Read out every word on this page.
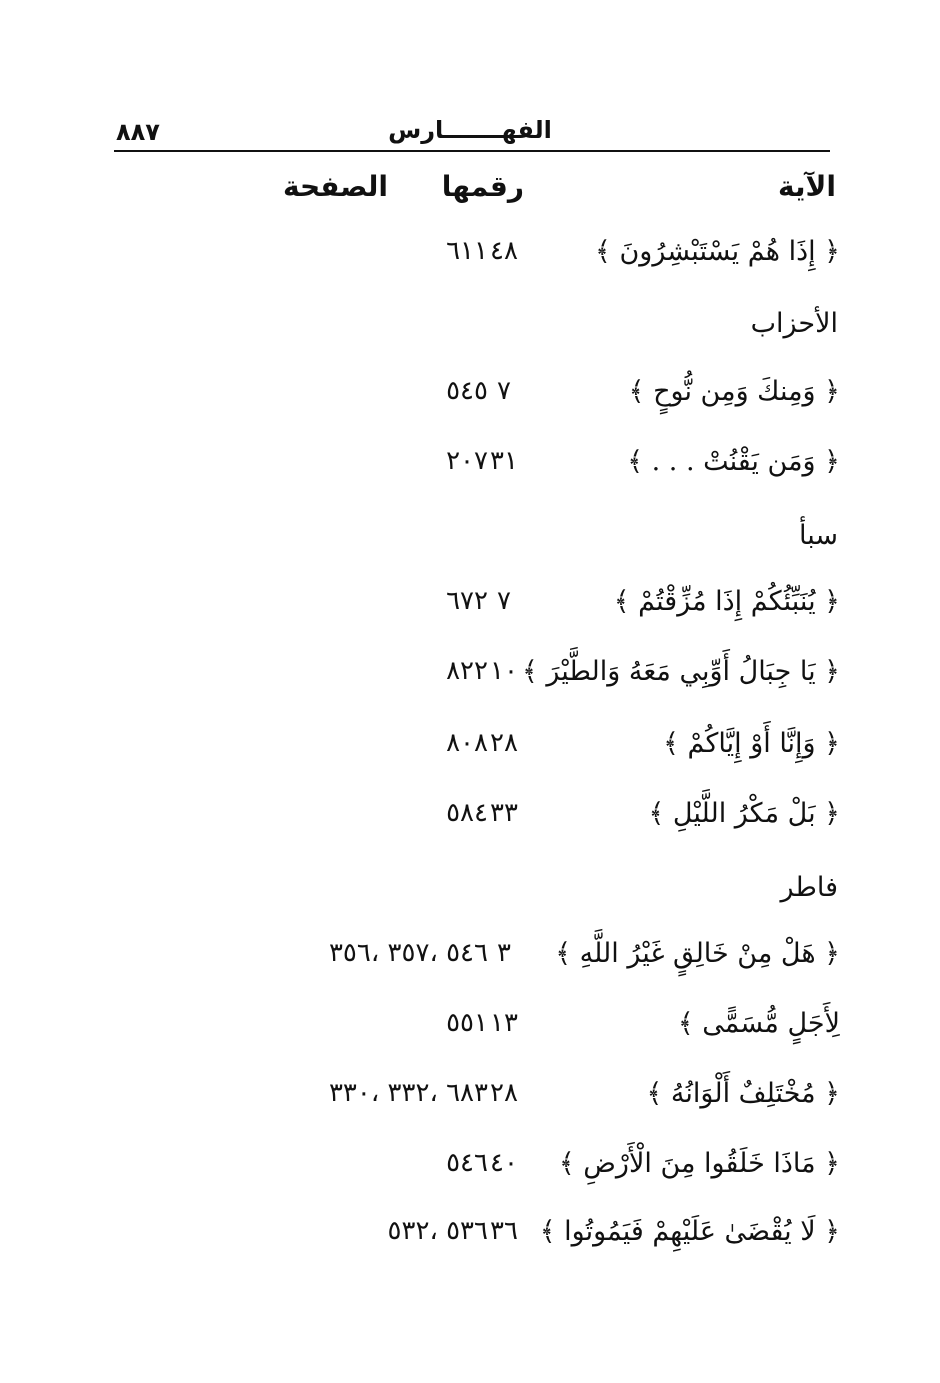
٨٨٧	الفهـــــــارس
الآية
رقمها
الصفحة
﴿ إِذَا هُمْ يَسْتَبْشِرُونَ ﴾
٤٨
٦١١
الأحزاب
﴿ وَمِنكَ وَمِن نُّوحٍ ﴾
٧
٥٤٥
﴿ وَمَن يَقْنُتْ . . . ﴾
٣١
٢٠٧
سبأ
﴿ يُنَبِّئُكُمْ إِذَا مُزِّقْتُمْ ﴾
٧
٦٧٢
﴿ يَا جِبَالُ أَوِّبِي مَعَهُ وَالطَّيْرَ ﴾
١٠
٨٢٢
﴿ وَإِنَّا أَوْ إِيَّاكُمْ ﴾
٢٨
٨٠٨
﴿ بَلْ مَكْرُ اللَّيْلِ ﴾
٣٣
٥٨٤
فاطر
﴿ هَلْ مِنْ خَالِقٍ غَيْرُ اللَّهِ ﴾
٣
٥٤٦ ،٣٥٧ ،٣٥٦
لِأَجَلٍ مُّسَمًّى ﴾
١٣
٥٥١
﴿ مُخْتَلِفٌ أَلْوَانُهُ ﴾
٢٨
٦٨٣ ،٣٣٢ ،٣٣٠
﴿ مَاذَا خَلَقُوا مِنَ الْأَرْضِ ﴾
٤٠
٥٤٦
﴿ لَا يُقْضَىٰ عَلَيْهِمْ فَيَمُوتُوا ﴾
٣٦
٥٣٦ ،٥٣٢
